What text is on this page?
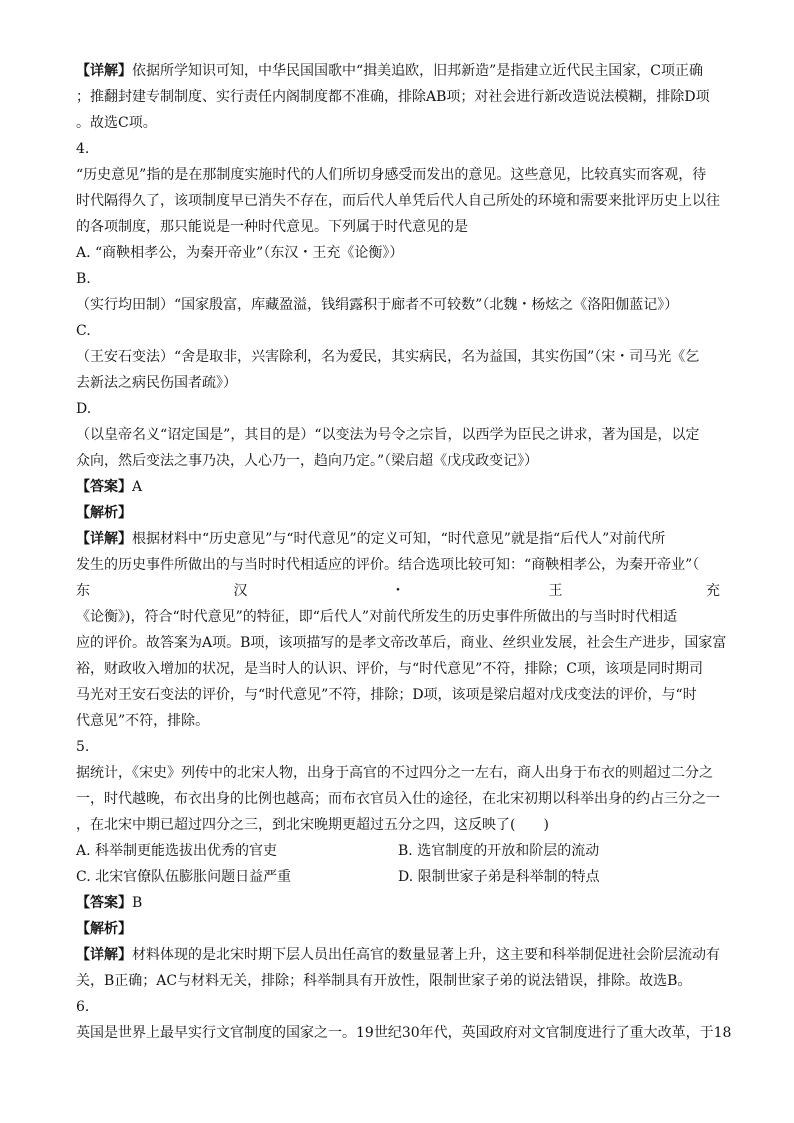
【详解】依据所学知识可知，中华民国国歌中“揖美追欧，旧邦新造”是指建立近代民主国家，C项正确
；推翻封建专制制度、实行责任内阁制度都不准确，排除AB项；对社会进行新改造说法模糊，排除D项
。故选C项。
4.
“历史意见”指的是在那制度实施时代的人们所切身感受而发出的意见。这些意见，比较真实而客观，待
时代隔得久了，该项制度早已消失不存在，而后代人单凭后代人自己所处的环境和需要来批评历史上以往
的各项制度，那只能说是一种时代意见。下列属于时代意见的是
A. “商鞅相孝公，为秦开帝业”（东汉・王充《论衡》）
B.
（实行均田制）“国家殷富，库藏盈溢，钱绢露积于廊者不可较数”（北魏・杨炫之《洛阳伽蓝记》）
C.
（王安石变法）“舍是取非，兴害除利，名为爱民，其实病民，名为益国，其实伤国”（宋・司马光《乞
去新法之病民伤国者疏》）
D.
（以皇帝名义“诏定国是”，其目的是）“以变法为号令之宗旨，以西学为臣民之讲求，著为国是，以定
众向，然后变法之事乃决，人心乃一，趋向乃定。”（梁启超《戊戌政变记》）
【答案】A
【解析】
【详解】根据材料中“历史意见”与“时代意见”的定义可知，“时代意见”就是指“后代人”对前代所
发生的历史事件所做出的与当时时代相适应的评价。结合选项比较可知：“商鞅相孝公，为秦开帝业”（
东	汉	・	王	充
《论衡》)，符合“时代意见”的特征，即“后代人”对前代所发生的历史事件所做出的与当时时代相适
应的评价。故答案为A项。B项，该项描写的是孝文帝改革后，商业、丝织业发展，社会生产进步，国家富
裕，财政收入增加的状况，是当时人的认识、评价，与“时代意见”不符，排除；C项，该项是同时期司
马光对王安石变法的评价，与“时代意见”不符，排除；D项，该项是梁启超对戊戌变法的评价，与“时
代意见”不符，排除。
5.
据统计，《宋史》列传中的北宋人物，出身于高官的不过四分之一左右，商人出身于布衣的则超过二分之
一，时代越晚，布衣出身的比例也越高；而布衣官员入仕的途径，在北宋初期以科举出身的约占三分之一
，在北宋中期已超过四分之三，到北宋晚期更超过五分之四，这反映了(　　)
A. 科举制更能选拔出优秀的官吏	B. 选官制度的开放和阶层的流动
C. 北宋官僚队伍膨胀问题日益严重	D. 限制世家子弟是科举制的特点
【答案】B
【解析】
【详解】材料体现的是北宋时期下层人员出任高官的数量显著上升，这主要和科举制促进社会阶层流动有
关，B正确；AC与材料无关，排除；科举制具有开放性，限制世家子弟的说法错误，排除。故选B。
6.
英国是世界上最早实行文官制度的国家之一。19世纪30年代，英国政府对文官制度进行了重大改革，于18
